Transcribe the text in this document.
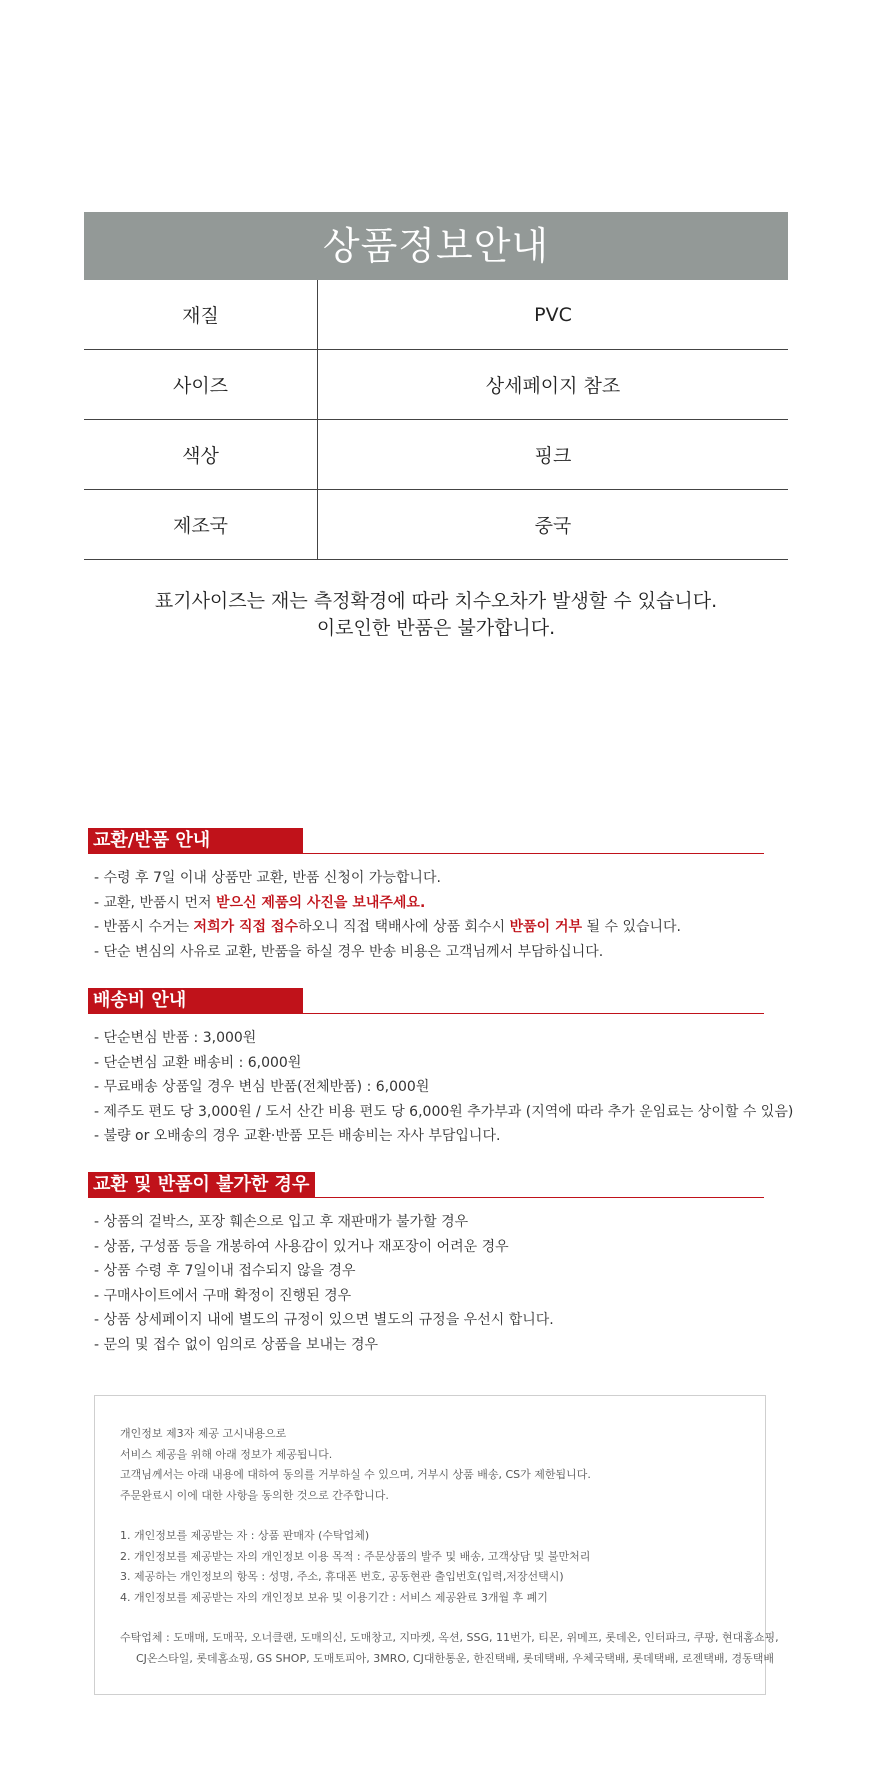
상품정보안내
재질	PVC
사이즈	상세페이지 참조
색상	핑크
제조국	중국
표기사이즈는 재는 측정확경에 따라 치수오차가 발생할 수 있습니다.
이로인한 반품은 불가합니다.
교환/반품 안내
- 수령 후 7일 이내 상품만 교환, 반품 신청이 가능합니다.
- 교환, 반품시 먼저 받으신 제품의 사진을 보내주세요.
- 반품시 수거는 저희가 직접 접수하오니 직접 택배사에 상품 회수시 반품이 거부 될 수 있습니다.
- 단순 변심의 사유로 교환, 반품을 하실 경우 반송 비용은 고객님께서 부담하십니다.
배송비 안내
- 단순변심 반품 : 3,000원
- 단순변심 교환 배송비 : 6,000원
- 무료배송 상품일 경우 변심 반품(전체반품) : 6,000원
- 제주도 편도 당 3,000원 / 도서 산간 비용 편도 당 6,000원 추가부과 (지역에 따라 추가 운임료는 상이할 수 있음)
- 불량 or 오배송의 경우 교환·반품 모든 배송비는 자사 부담입니다.
교환 및 반품이 불가한 경우
- 상품의 겉박스, 포장 훼손으로 입고 후 재판매가 불가할 경우
- 상품, 구성품 등을 개봉하여 사용감이 있거나 재포장이 어려운 경우
- 상품 수령 후 7일이내 접수되지 않을 경우
- 구매사이트에서 구매 확정이 진행된 경우
- 상품 상세페이지 내에 별도의 규정이 있으면 별도의 규정을 우선시 합니다.
- 문의 및 접수 없이 임의로 상품을 보내는 경우

개인정보 제3자 제공 고시내용으로

서비스 제공을 위해 아래 정보가 제공됩니다.

고객님께서는 아래 내용에 대하여 동의를 거부하실 수 있으며, 거부시 상품 배송, CS가 제한됩니다.

주문완료시 이에 대한 사항을 동의한 것으로 간주합니다.

1. 개인정보를 제공받는 자 : 상품 판매자 (수탁업체)

2. 개인정보를 제공받는 자의 개인정보 이용 목적 : 주문상품의 발주 및 배송, 고객상담 및 불만처리

3. 제공하는 개인정보의 항목 : 성명, 주소, 휴대폰 번호, 공동현관 출입번호(입력,저장선택시)

4. 개인정보를 제공받는 자의 개인정보 보유 및 이용기간 : 서비스 제공완료 3개월 후 폐기

수탁업체 : 도매매, 도매꾹, 오너클랜, 도매의신, 도매창고, 지마켓, 옥션, SSG, 11번가, 티몬, 위메프, 롯데온, 인터파크, 쿠팡, 현대홈쇼핑,

CJ온스타일, 롯데홈쇼핑, GS SHOP, 도매토피아, 3MRO, CJ대한통운, 한진택배, 롯데택배, 우체국택배, 롯데택배, 로젠택배, 경동택배
